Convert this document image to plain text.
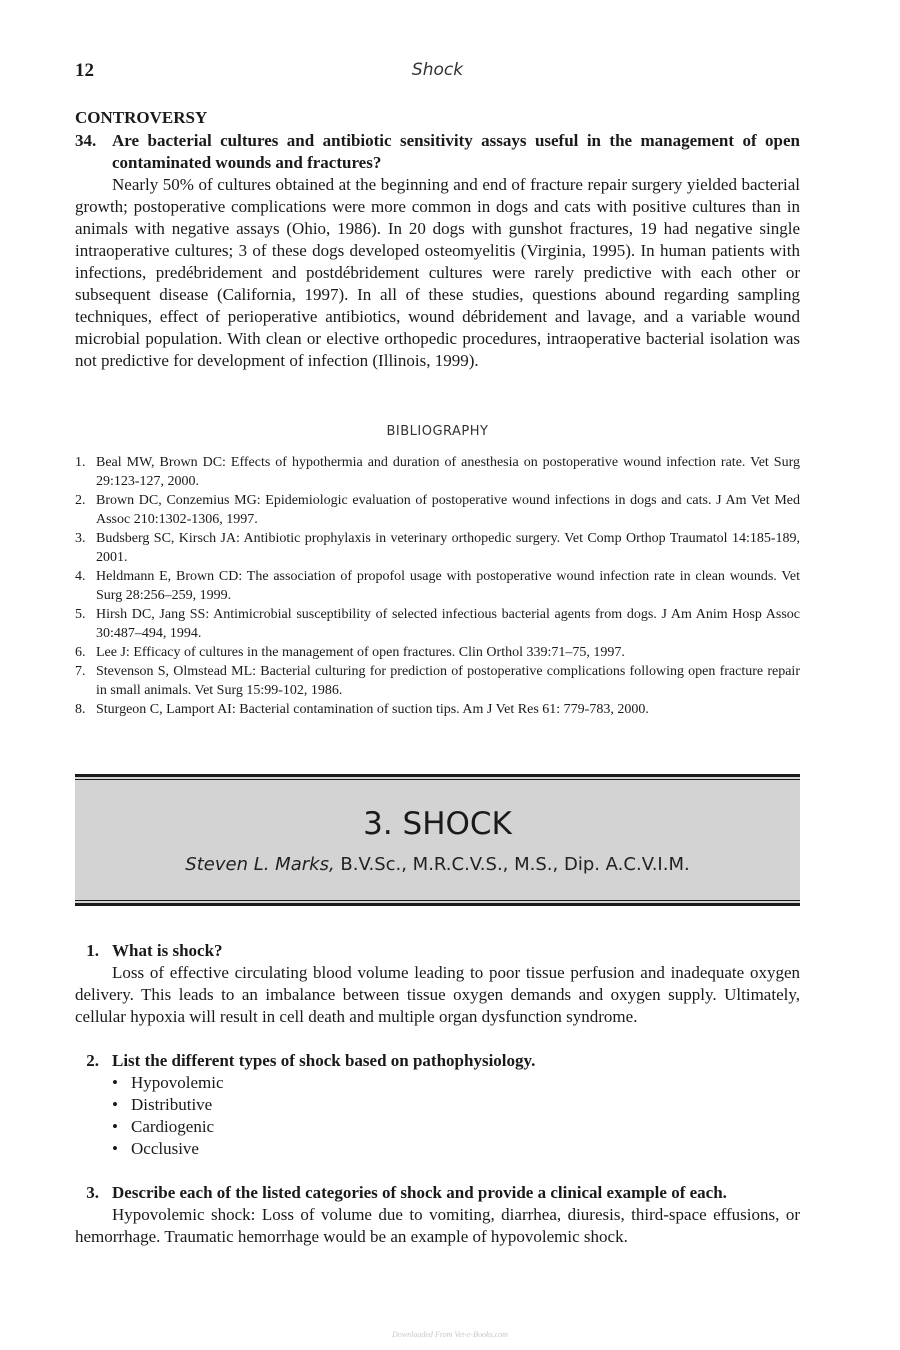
12	Shock
CONTROVERSY
34. Are bacterial cultures and antibiotic sensitivity assays useful in the management of open contaminated wounds and fractures?

Nearly 50% of cultures obtained at the beginning and end of fracture repair surgery yielded bacterial growth; postoperative complications were more common in dogs and cats with positive cultures than in animals with negative assays (Ohio, 1986). In 20 dogs with gunshot fractures, 19 had negative single intraoperative cultures; 3 of these dogs developed osteomyelitis (Virginia, 1995). In human patients with infections, predébridement and postdébridement cultures were rarely predictive with each other or subsequent disease (California, 1997). In all of these studies, questions abound regarding sampling techniques, effect of perioperative antibiotics, wound débridement and lavage, and a variable wound microbial population. With clean or elective orthopedic procedures, intraoperative bacterial isolation was not predictive for development of infection (Illinois, 1999).

BIBLIOGRAPHY
1. Beal MW, Brown DC: Effects of hypothermia and duration of anesthesia on postoperative wound infection rate. Vet Surg 29:123-127, 2000.
2. Brown DC, Conzemius MG: Epidemiologic evaluation of postoperative wound infections in dogs and cats. J Am Vet Med Assoc 210:1302-1306, 1997.
3. Budsberg SC, Kirsch JA: Antibiotic prophylaxis in veterinary orthopedic surgery. Vet Comp Orthop Traumatol 14:185-189, 2001.
4. Heldmann E, Brown CD: The association of propofol usage with postoperative wound infection rate in clean wounds. Vet Surg 28:256–259, 1999.
5. Hirsh DC, Jang SS: Antimicrobial susceptibility of selected infectious bacterial agents from dogs. J Am Anim Hosp Assoc 30:487–494, 1994.
6. Lee J: Efficacy of cultures in the management of open fractures. Clin Orthol 339:71–75, 1997.
7. Stevenson S, Olmstead ML: Bacterial culturing for prediction of postoperative complications following open fracture repair in small animals. Vet Surg 15:99-102, 1986.
8. Sturgeon C, Lamport AI: Bacterial contamination of suction tips. Am J Vet Res 61: 779-783, 2000.
3. SHOCK
Steven L. Marks, B.V.Sc., M.R.C.V.S., M.S., Dip. A.C.V.I.M.
1. What is shock?

Loss of effective circulating blood volume leading to poor tissue perfusion and inadequate oxygen delivery. This leads to an imbalance between tissue oxygen demands and oxygen supply. Ultimately, cellular hypoxia will result in cell death and multiple organ dysfunction syndrome.

2. List the different types of shock based on pathophysiology.
• Hypovolemic
• Distributive
• Cardiogenic
• Occlusive
3. Describe each of the listed categories of shock and provide a clinical example of each.

Hypovolemic shock: Loss of volume due to vomiting, diarrhea, diuresis, third-space effusions, or hemorrhage. Traumatic hemorrhage would be an example of hypovolemic shock.

Downloaded From Vet-e-Books.com
